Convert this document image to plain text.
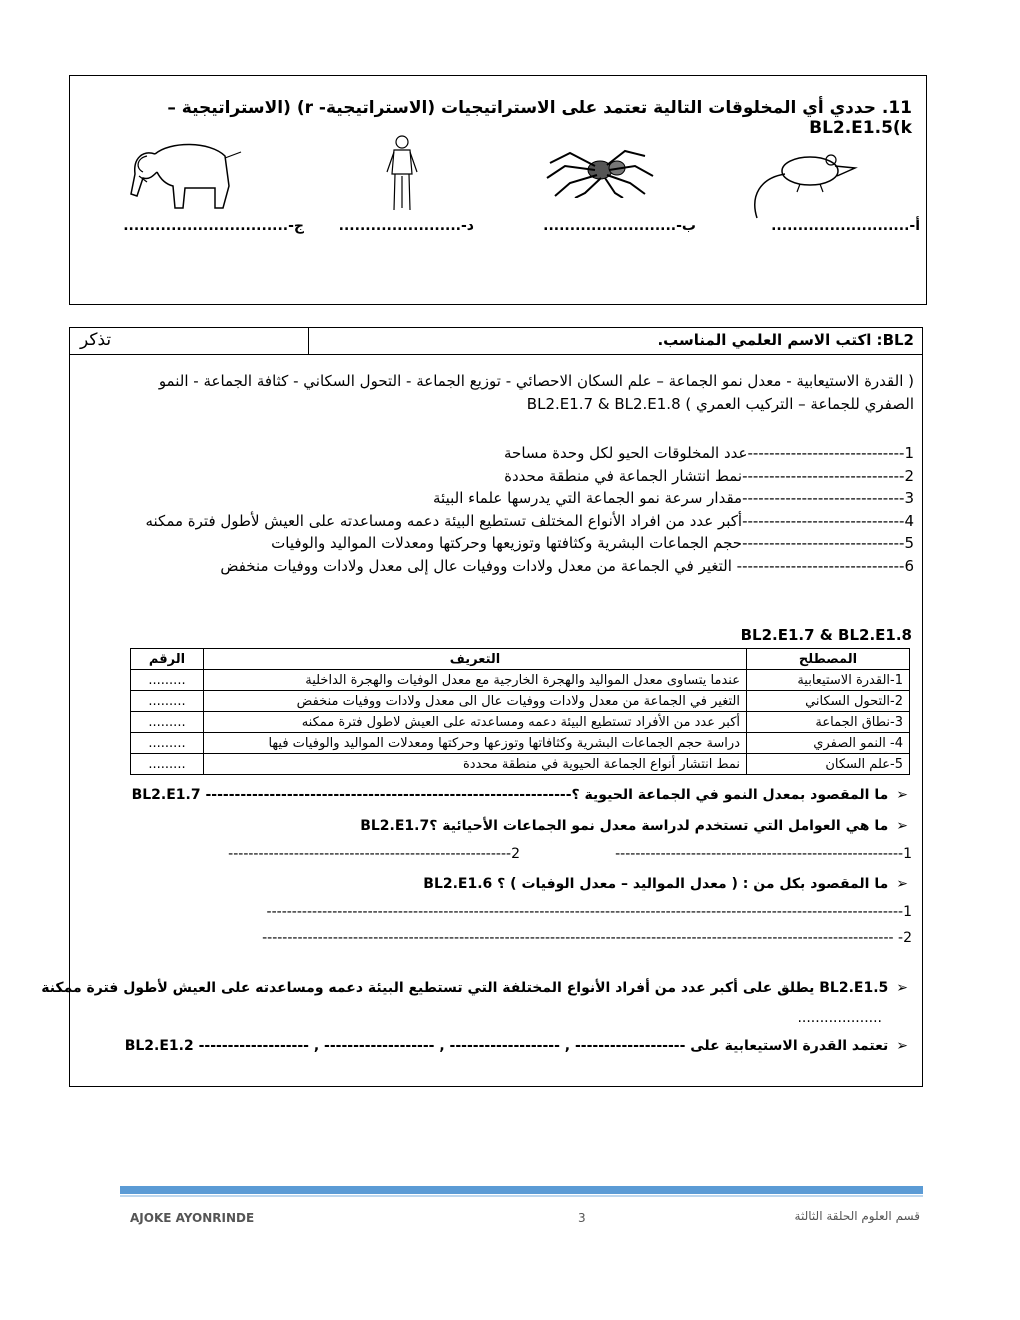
11. حددي أي المخلوقات التالية تعتمد على الاستراتيجيات (الاستراتيجية- r) (الاستراتيجية –BL2.E1.5(k
أ-..........................
ب-.........................
د-.......................
ج-...............................
BL2: اكتب الاسم العلمي المناسب.
تذكر
( القدرة الاستيعابية - معدل نمو الجماعة – علم السكان الاحصائي - توزيع الجماعة - التحول السكاني - كثافة الجماعة - النمو
الصفري للجماعة – التركيب العمري ) BL2.E1.7 & BL2.E1.8
1-----------------------------عدد المخلوقات الحيو لكل وحدة مساحة
2------------------------------نمط انتشار الجماعة في منطقة محددة
3------------------------------مقدار سرعة نمو الجماعة التي يدرسها علماء البيئة
4------------------------------أكبر عدد من افراد الأنواع المختلف تستطيع البيئة دعمه ومساعدته على العيش لأطول فترة ممكنه
5------------------------------حجم الجماعات البشرية وكثافتها وتوزيعها وحركتها ومعدلات المواليد والوفيات
6------------------------------- التغير في الجماعة من معدل ولادات ووفيات عال إلى معدل ولادات ووفيات منخفض
BL2.E1.7 & BL2.E1.8
المصطلح	التعريف	الرقم
1-القدرة الاستيعابية	عندما يتساوى معدل المواليد والهجرة الخارجية مع معدل الوفيات والهجرة الداخلية	.........
2-التحول السكاني	التغير في الجماعة من معدل ولادات ووفيات عال الى معدل ولادات ووفيات منخفض	.........
3-نطاق الجماعة	أكبر عدد من الأفراد تستطيع البيئة دعمه ومساعدته على العيش لاطول فترة ممكنه	.........
4- النمو الصفري	دراسة حجم الجماعات البشرية وكثافاتها وتوزعها وحركتها ومعدلات المواليد والوفيات فيها	.........
5-علم السكان	نمط انتشار أنواع الجماعة الحيوية في منطقة محددة	.........
➢ما المقصود بمعدل النمو في الجماعة الحيوية ؟--------------------------------------------------------------- BL2.E1.7
➢ما هي العوامل التي تستخدم لدراسة معدل نمو الجماعات الأحيائية ؟BL2.E1.7
1---------------------------------------------------------
2--------------------------------------------------------
➢ما المقصود بكل من : ( معدل المواليد – معدل الوفيات ) ؟ BL2.E1.6
1------------------------------------------------------------------------------------------------------------------------------
2- -----------------------------------------------------------------------------------------------------------------------------
➢BL2.E1.5 يطلق على أكبر عدد من أفراد الأنواع المختلفة التي تستطيع البيئة دعمه ومساعدته على العيش لأطول فترة ممكنة
...................
➢تعتمد القدرة الاستيعابية على ------------------- , ------------------- , ------------------- , ------------------- BL2.E1.2
AJOKE AYONRINDE	3	قسم العلوم الحلقة الثالثة
